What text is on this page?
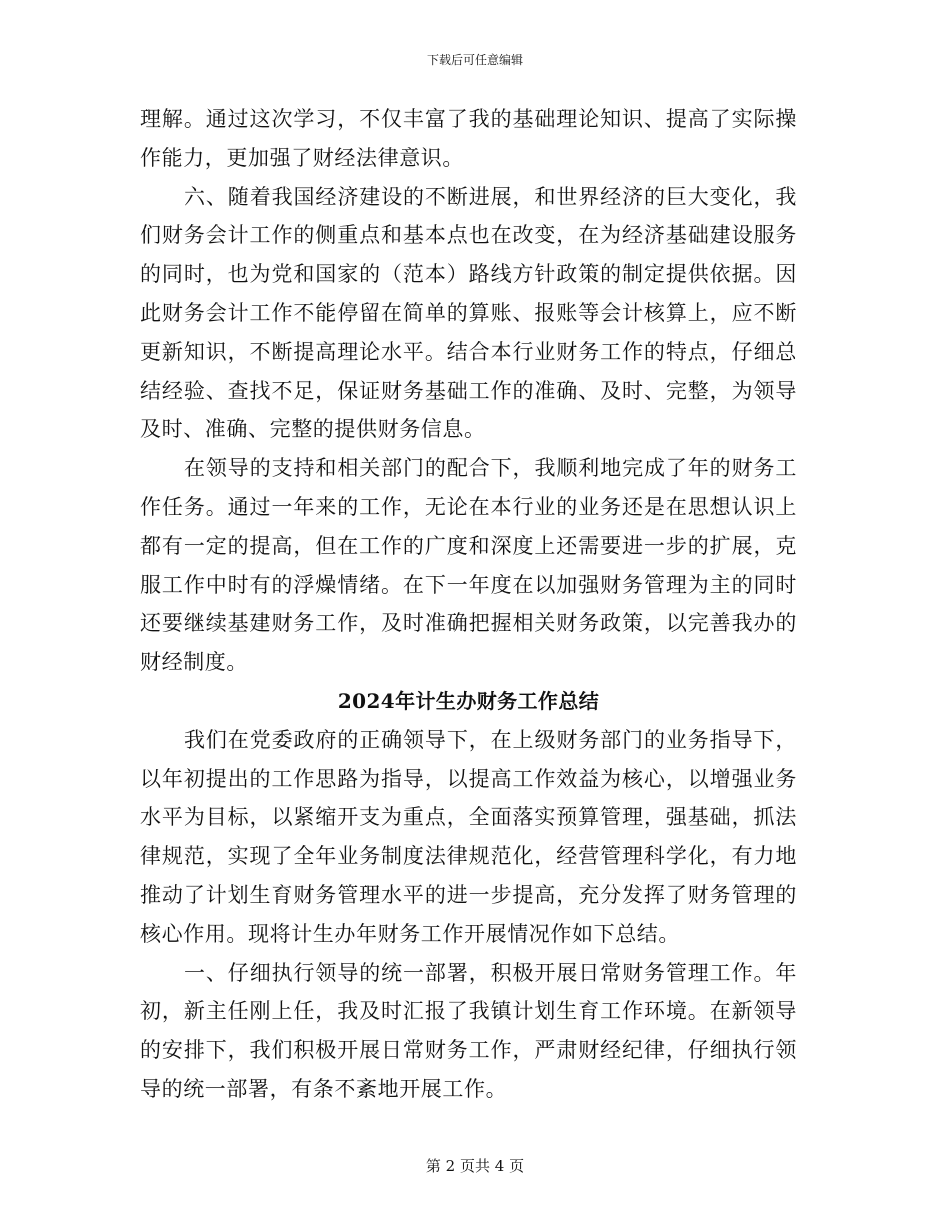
下载后可任意编辑

理解。通过这次学习，不仅丰富了我的基础理论知识、提高了实际操作能力，更加强了财经法律意识。

六、随着我国经济建设的不断进展，和世界经济的巨大变化，我们财务会计工作的侧重点和基本点也在改变，在为经济基础建设服务的同时，也为党和国家的（范本）路线方针政策的制定提供依据。因此财务会计工作不能停留在简单的算账、报账等会计核算上，应不断更新知识，不断提高理论水平。结合本行业财务工作的特点，仔细总结经验、查找不足，保证财务基础工作的准确、及时、完整，为领导及时、准确、完整的提供财务信息。

在领导的支持和相关部门的配合下，我顺利地完成了年的财务工作任务。通过一年来的工作，无论在本行业的业务还是在思想认识上都有一定的提高，但在工作的广度和深度上还需要进一步的扩展，克服工作中时有的浮燥情绪。在下一年度在以加强财务管理为主的同时还要继续基建财务工作，及时准确把握相关财务政策，以完善我办的财经制度。

2024年计生办财务工作总结

我们在党委政府的正确领导下，在上级财务部门的业务指导下，以年初提出的工作思路为指导，以提高工作效益为核心，以增强业务水平为目标，以紧缩开支为重点，全面落实预算管理，强基础，抓法律规范，实现了全年业务制度法律规范化，经营管理科学化，有力地推动了计划生育财务管理水平的进一步提高，充分发挥了财务管理的核心作用。现将计生办年财务工作开展情况作如下总结。

一、仔细执行领导的统一部署，积极开展日常财务管理工作。年初，新主任刚上任，我及时汇报了我镇计划生育工作环境。在新领导的安排下，我们积极开展日常财务工作，严肃财经纪律，仔细执行领导的统一部署，有条不紊地开展工作。

第 2 页共 4 页
